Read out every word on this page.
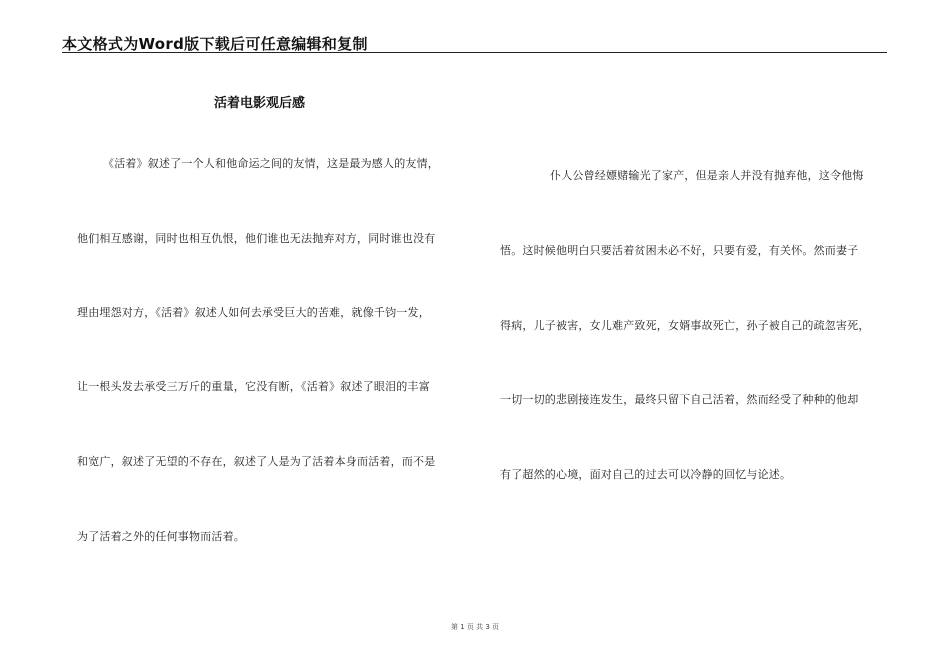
本文格式为Word版下载后可任意编辑和复制
活着电影观后感
《活着》叙述了一个人和他命运之间的友情，这是最为感人的友情，
他们相互感谢，同时也相互仇恨，他们谁也无法抛弃对方，同时谁也没有
理由埋怨对方，《活着》叙述人如何去承受巨大的苦难，就像千钧一发，
让一根头发去承受三万斤的重量，它没有断，《活着》叙述了眼泪的丰富
和宽广，叙述了无望的不存在，叙述了人是为了活着本身而活着，而不是
为了活着之外的任何事物而活着。
仆人公曾经嫖赌输光了家产，但是亲人并没有抛弃他，这令他悔
悟。这时候他明白只要活着贫困未必不好，只要有爱，有关怀。然而妻子
得病，儿子被害，女儿难产致死，女婿事故死亡，孙子被自己的疏忽害死，
一切一切的悲剧接连发生，最终只留下自己活着，然而经受了种种的他却
有了超然的心境，面对自己的过去可以冷静的回忆与论述。
第 1 页 共 3 页
